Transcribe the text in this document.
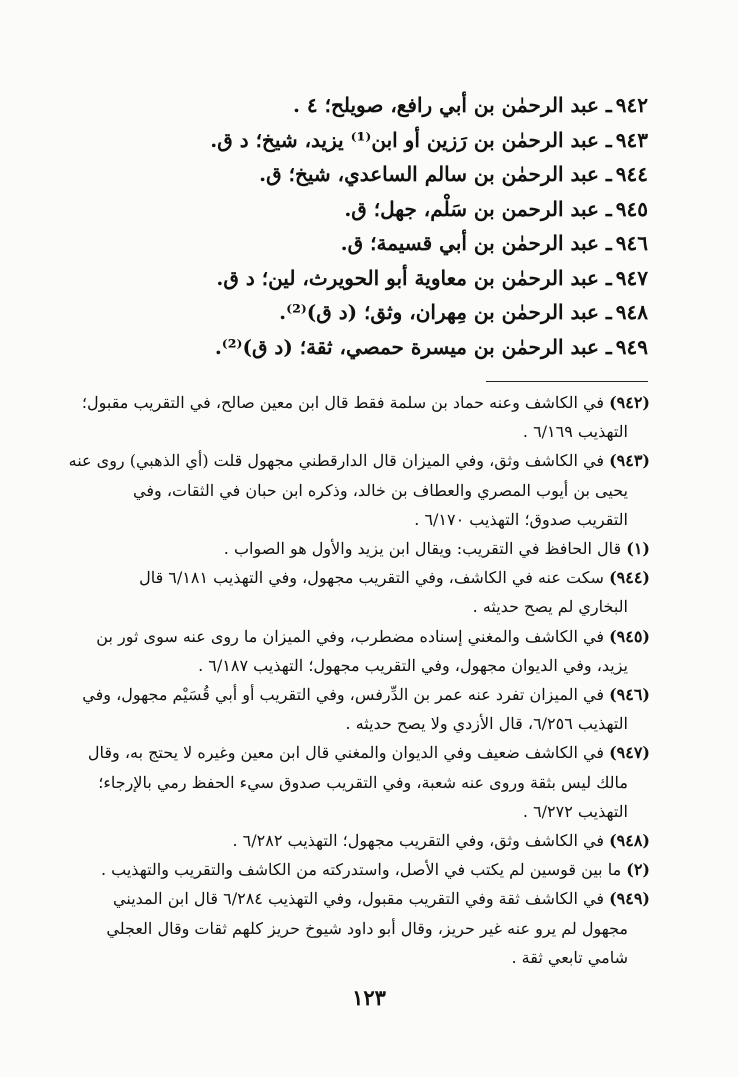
٩٤٢ـ عبد الرحمٰن بن أبي رافع، صويلح؛ ٤ .
٩٤٣ـ عبد الرحمٰن بن رَزين أو ابن⁽¹⁾ يزيد، شيخ؛ د ق.
٩٤٤ـ عبد الرحمٰن بن سالم الساعدي، شيخ؛ ق.
٩٤٥ـ عبد الرحمن بن سَلْم، جهل؛ ق.
٩٤٦ـ عبد الرحمٰن بن أبي قسيمة؛ ق.
٩٤٧ـ عبد الرحمٰن بن معاوية أبو الحويرث، لين؛ د ق.
٩٤٨ـ عبد الرحمٰن بن مِهران، وثق؛ (د ق)⁽²⁾.
٩٤٩ـ عبد الرحمٰن بن ميسرة حمصي، ثقة؛ (د ق)⁽²⁾.

(٩٤٢) في الكاشف وعنه حماد بن سلمة فقط قال ابن معين صالح، في التقريب مقبول؛
التهذيب ٦/١٦٩ .

(٩٤٣) في الكاشف وثق، وفي الميزان قال الدارقطني مجهول قلت (أي الذهبي) روى عنه
يحيى بن أيوب المصري والعطاف بن خالد، وذكره ابن حبان في الثقات، وفي
التقريب صدوق؛ التهذيب ٦/١٧٠ .

(١) قال الحافظ في التقريب: ويقال ابن يزيد والأول هو الصواب .

(٩٤٤) سكت عنه في الكاشف، وفي التقريب مجهول، وفي التهذيب ٦/١٨١ قال
البخاري لم يصح حديثه .

(٩٤٥) في الكاشف والمغني إسناده مضطرب، وفي الميزان ما روى عنه سوى ثور بن
يزيد، وفي الديوان مجهول، وفي التقريب مجهول؛ التهذيب ٦/١٨٧ .

(٩٤٦) في الميزان تفرد عنه عمر بن الدِّرفس، وفي التقريب أو أبي قُسَيْم مجهول، وفي
التهذيب ٦/٢٥٦، قال الأزدي ولا يصح حديثه .

(٩٤٧) في الكاشف ضعيف وفي الديوان والمغني قال ابن معين وغيره لا يحتج به، وقال
مالك ليس بثقة وروى عنه شعبة، وفي التقريب صدوق سيء الحفظ رمي بالإرجاء؛
التهذيب ٦/٢٧٢ .

(٩٤٨) في الكاشف وثق، وفي التقريب مجهول؛ التهذيب ٦/٢٨٢ .

(٢) ما بين قوسين لم يكتب في الأصل، واستدركته من الكاشف والتقريب والتهذيب .

(٩٤٩) في الكاشف ثقة وفي التقريب مقبول، وفي التهذيب ٦/٢٨٤ قال ابن المديني
مجهول لم يرو عنه غير حريز، وقال أبو داود شيوخ حريز كلهم ثقات وقال العجلي
شامي تابعي ثقة .

١٢٣
